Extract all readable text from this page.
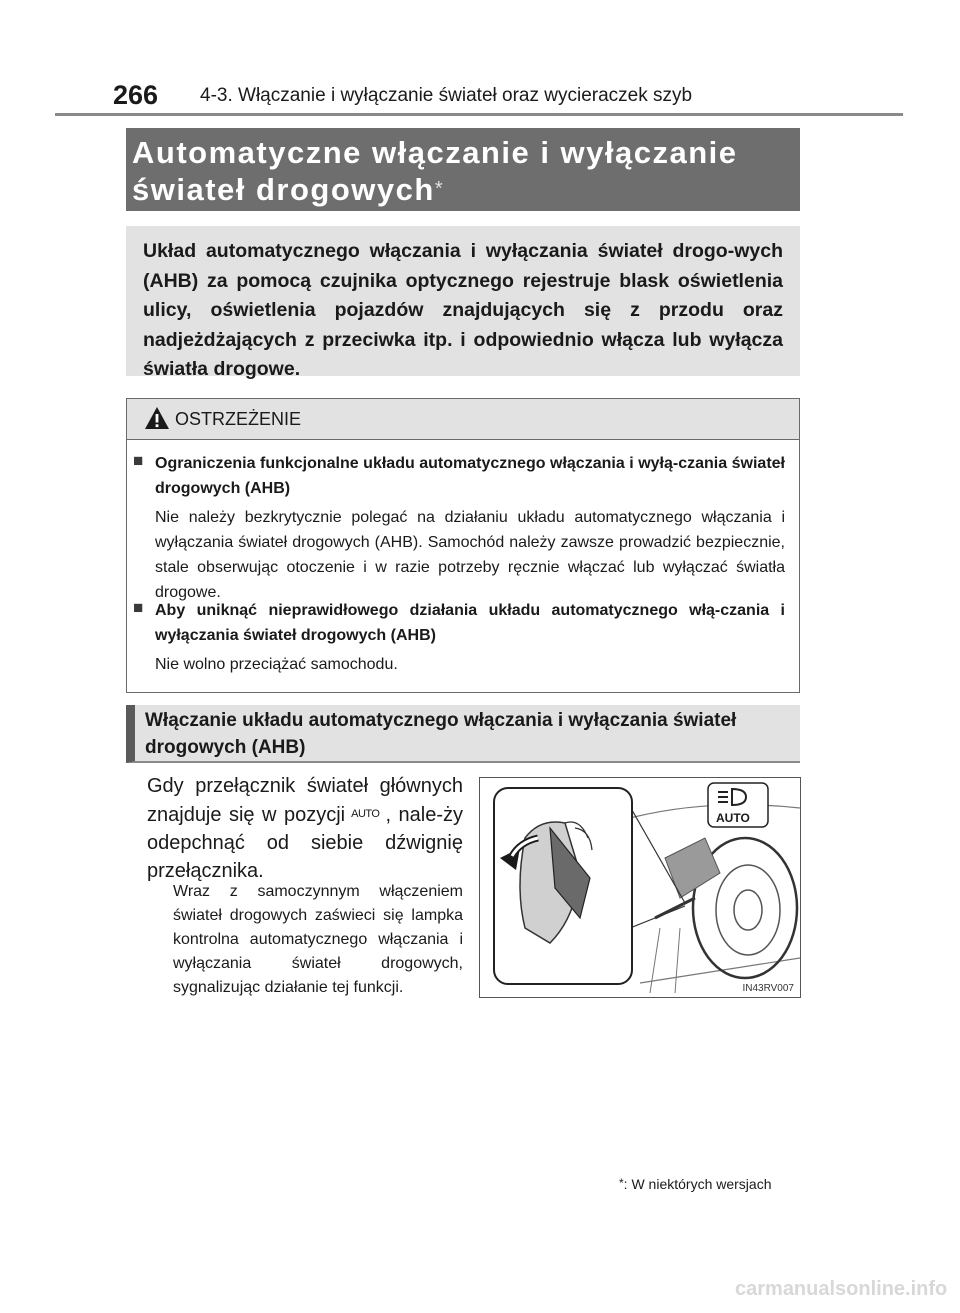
266 4-3. Włączanie i wyłączanie świateł oraz wycieraczek szyb
Automatyczne włączanie i wyłączanie
świateł drogowych*

Układ automatycznego włączania i wyłączania świateł drogo-wych (AHB) za pomocą czujnika optycznego rejestruje blask oświetlenia ulicy, oświetlenia pojazdów znajdujących się z przodu oraz nadjeżdżających z przeciwka itp. i odpowiednio włącza lub wyłącza światła drogowe.

OSTRZEŻENIE
■ Ograniczenia funkcjonalne układu automatycznego włączania i wyłą-czania świateł drogowych (AHB)
Nie należy bezkrytycznie polegać na działaniu układu automatycznego włączania i wyłączania świateł drogowych (AHB). Samochód należy zawsze prowadzić bezpiecznie, stale obserwując otoczenie i w razie potrzeby ręcznie włączać lub wyłączać światła drogowe.
■ Aby uniknąć nieprawidłowego działania układu automatycznego włą-czania i wyłączania świateł drogowych (AHB)
Nie wolno przeciążać samochodu.
Włączanie układu automatycznego włączania i wyłączania świateł drogowych (AHB)
Gdy przełącznik świateł głównych znajduje się w pozycji AUTO , nale-ży odepchnąć od siebie dźwignię przełącznika.
Wraz z samoczynnym włączeniem świateł drogowych zaświeci się lampka kontrolna automatycznego włączania i wyłączania świateł drogowych, sygnalizując działanie tej funkcji.
AUTO
IN43RV007
*: W niektórych wersjach
carmanualsonline.info
